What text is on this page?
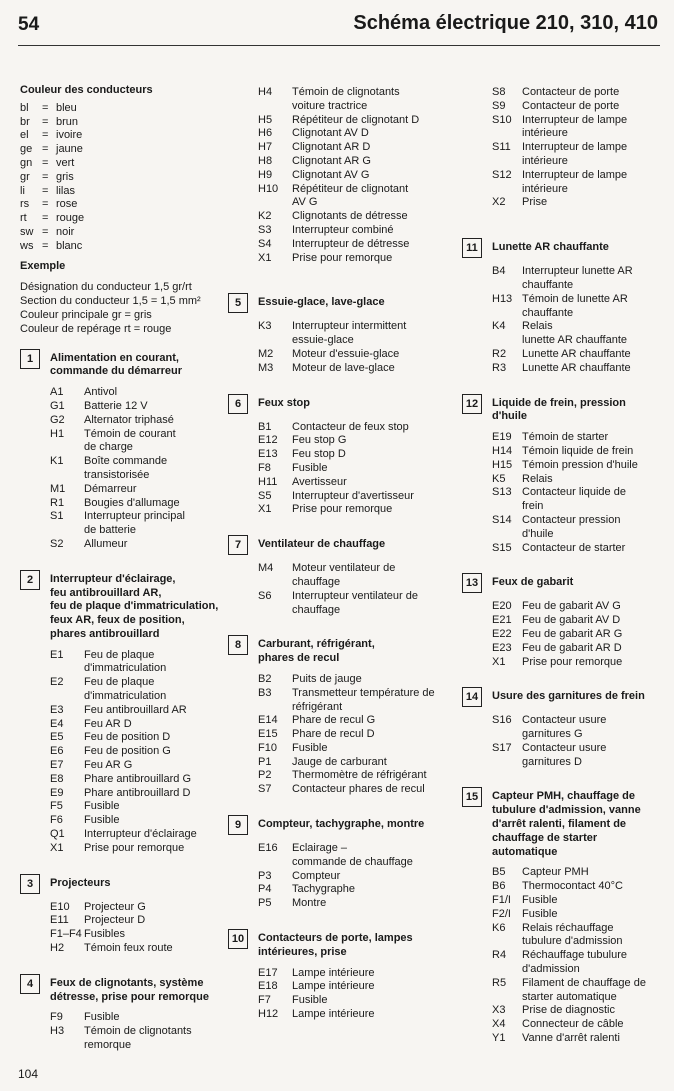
54	Schéma électrique 210, 310, 410
Couleur des conducteurs
bl	= bleu
br	= brun
el	= ivoire
ge = jaune
gn = vert
gr	= gris
li	= lilas
rs	= rose
rt	= rouge
sw = noir
ws = blanc
Exemple
Désignation du conducteur 1,5 gr/rt
Section du conducteur 1,5 = 1,5 mm²
Couleur principale gr = gris
Couleur de repérage rt = rouge
1	Alimentation en courant,
commande du démarreur
A1	Antivol
G1	Batterie 12 V
G2	Alternator triphasé
H1	Témoin de courant
de charge
K1	Boîte commande
transistorisée
M1	Démarreur
R1	Bougies d'allumage
S1	Interrupteur principal
de batterie
S2	Allumeur
2	Interrupteur d'éclairage,
feu antibrouillard AR,
feu de plaque d'immatriculation,
feux AR, feux de position,
phares antibrouillard
E1	Feu de plaque
d'immatriculation
E2	Feu de plaque
d'immatriculation
E3	Feu antibrouillard AR
E4	Feu AR D
E5	Feu de position D
E6	Feu de position G
E7	Feu AR G
E8	Phare antibrouillard G
E9	Phare antibrouillard D
F5	Fusible
F6	Fusible
Q1	Interrupteur d'éclairage
X1	Prise pour remorque
3	Projecteurs
E10	Projecteur G
E11	Projecteur D
F1–F4 Fusibles
H2	Témoin feux route
4	Feux de clignotants, système
détresse, prise pour remorque
F9	Fusible
H3	Témoin de clignotants
remorque
H4	Témoin de clignotants
voiture tractrice
H5	Répétiteur de clignotant D
H6	Clignotant AV D
H7	Clignotant AR D
H8	Clignotant AR G
H9	Clignotant AV G
H10	Répétiteur de clignotant
AV G
K2	Clignotants de détresse
S3	Interrupteur combiné
S4	Interrupteur de détresse
X1	Prise pour remorque
5	Essuie-glace, lave-glace
K3	Interrupteur intermittent
essuie-glace
M2	Moteur d'essuie-glace
M3	Moteur de lave-glace
6	Feux stop
B1	Contacteur de feux stop
E12	Feu stop G
E13	Feu stop D
F8	Fusible
H11	Avertisseur
S5	Interrupteur d'avertisseur
X1	Prise pour remorque
7	Ventilateur de chauffage
M4	Moteur ventilateur de
chauffage
S6	Interrupteur ventilateur de
chauffage
8	Carburant, réfrigérant,
phares de recul
B2	Puits de jauge
B3	Transmetteur température de
réfrigérant
E14	Phare de recul G
E15	Phare de recul D
F10	Fusible
P1	Jauge de carburant
P2	Thermomètre de réfrigérant
S7	Contacteur phares de recul
9	Compteur, tachygraphe, montre
E16	Eclairage –
commande de chauffage
P3	Compteur
P4	Tachygraphe
P5	Montre
10	Contacteurs de porte, lampes
intérieures, prise
E17	Lampe intérieure
E18	Lampe intérieure
F7	Fusible
H12	Lampe intérieure
S8	Contacteur de porte
S9	Contacteur de porte
S10 Interrupteur de lampe
intérieure
S11	Interrupteur de lampe
intérieure
S12 Interrupteur de lampe
intérieure
X2	Prise
11	Lunette AR chauffante
B4	Interrupteur lunette AR
chauffante
H13 Témoin de lunette AR
chauffante
K4	Relais
lunette AR chauffante
R2	Lunette AR chauffante
R3	Lunette AR chauffante
12	Liquide de frein, pression
d'huile
E19 Témoin de starter
H14 Témoin liquide de frein
H15 Témoin pression d'huile
K5	Relais
S13 Contacteur liquide de
frein
S14 Contacteur pression
d'huile
S15 Contacteur de starter
13	Feux de gabarit
E20 Feu de gabarit AV G
E21 Feu de gabarit AV D
E22 Feu de gabarit AR G
E23 Feu de gabarit AR D
X1	Prise pour remorque
14	Usure des garnitures de frein
S16 Contacteur usure
garnitures G
S17 Contacteur usure
garnitures D
15	Capteur PMH, chauffage de
tubulure d'admission, vanne
d'arrêt ralenti, filament de
chauffage de starter
automatique
B5	Capteur PMH
B6	Thermocontact 40°C
F1/I	Fusible
F2/I	Fusible
K6	Relais réchauffage
tubulure d'admission
R4	Réchauffage tubulure
d'admission
R5	Filament de chauffage de
starter automatique
X3	Prise de diagnostic
X4	Connecteur de câble
Y1	Vanne d'arrêt ralenti
104
